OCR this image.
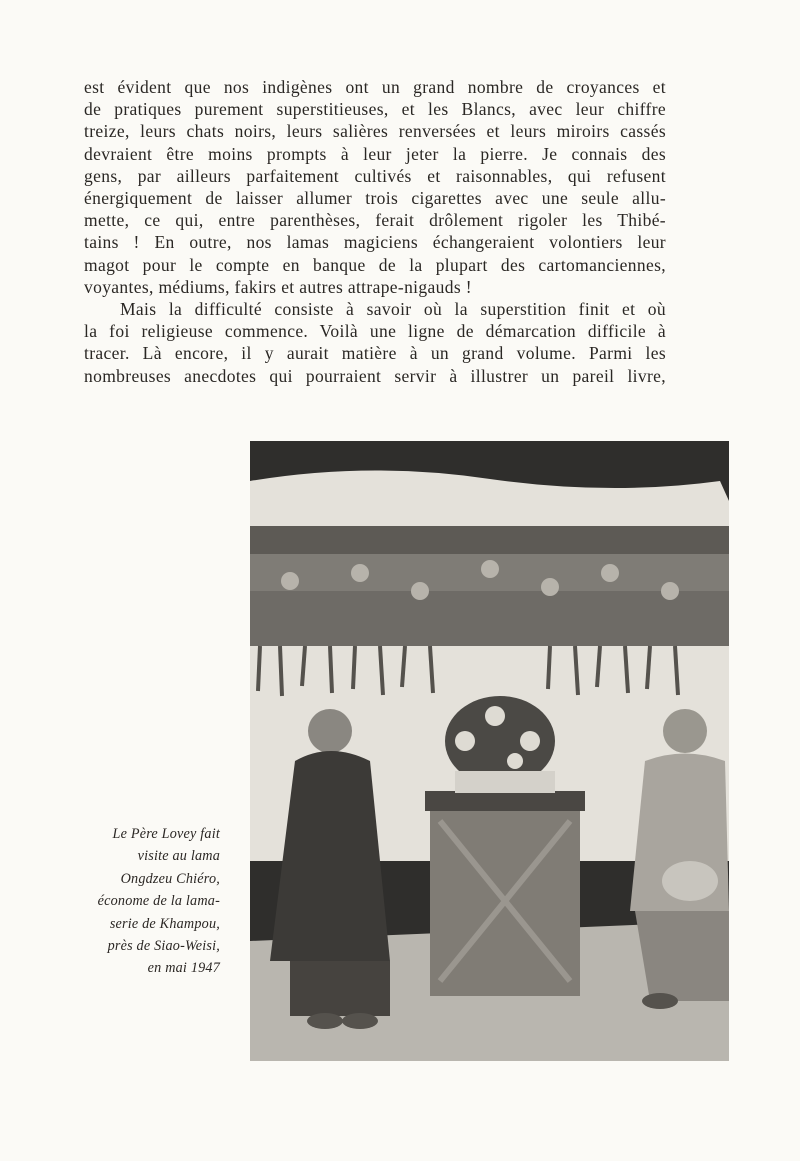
est évident que nos indigènes ont un grand nombre de croyances et
de pratiques purement superstitieuses, et les Blancs, avec leur chiffre
treize, leurs chats noirs, leurs salières renversées et leurs miroirs cassés
devraient être moins prompts à leur jeter la pierre. Je connais des
gens, par ailleurs parfaitement cultivés et raisonnables, qui refusent
énergiquement de laisser allumer trois cigarettes avec une seule allu-
mette, ce qui, entre parenthèses, ferait drôlement rigoler les Thibé-
tains ! En outre, nos lamas magiciens échangeraient volontiers leur
magot pour le compte en banque de la plupart des cartomanciennes,
voyantes, médiums, fakirs et autres attrape-nigauds !
Mais la difficulté consiste à savoir où la superstition finit et où
la foi religieuse commence. Voilà une ligne de démarcation difficile à
tracer. Là encore, il y aurait matière à un grand volume. Parmi les
nombreuses anecdotes qui pourraient servir à illustrer un pareil livre,
Le Père Lovey fait
visite au lama
Ongdzeu Chiéro,
économe de la lama-
serie de Khampou,
près de Siao-Weisi,
en mai 1947
